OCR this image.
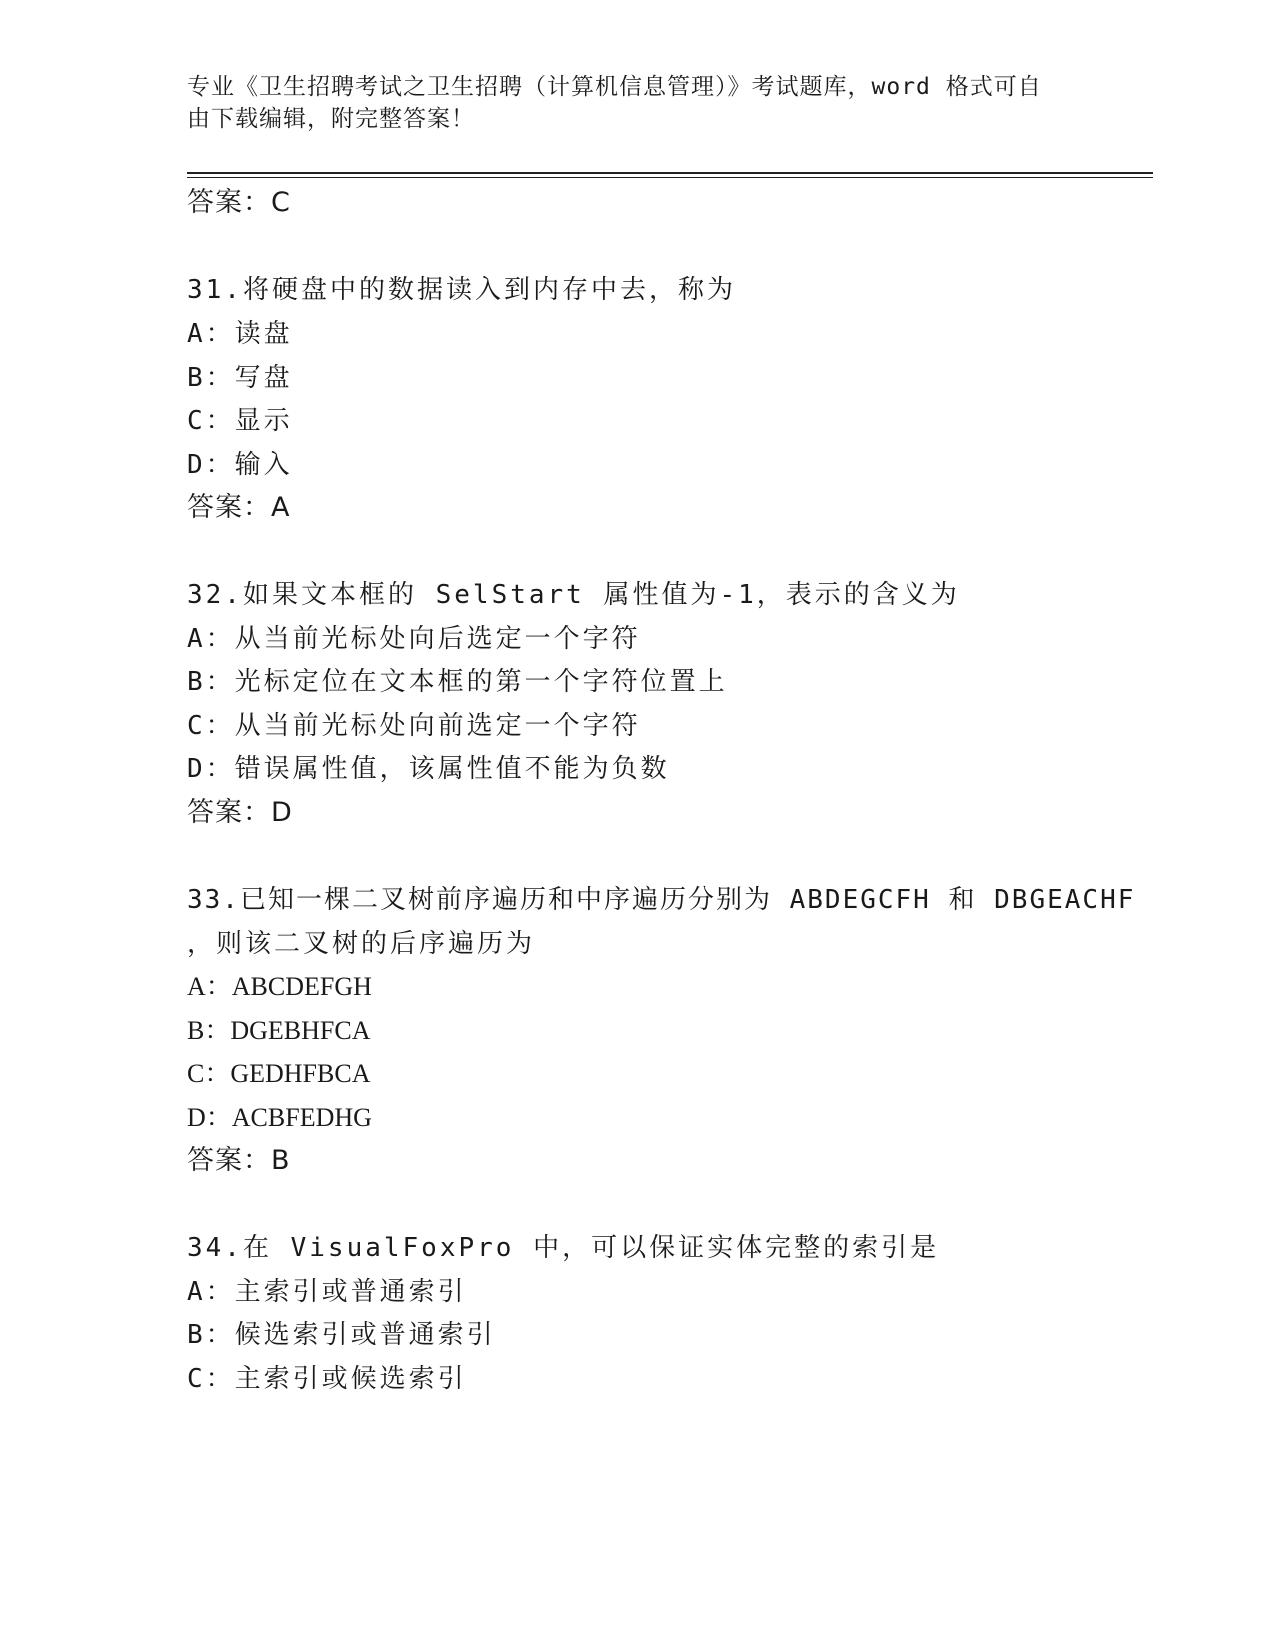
专业《卫生招聘考试之卫生招聘（计算机信息管理）》考试题库，word 格式可自
由下载编辑，附完整答案！
答案：C
31.将硬盘中的数据读入到内存中去，称为
A：读盘
B：写盘
C：显示
D：输入
答案：A
32.如果文本框的 SelStart 属性值为-1，表示的含义为
A：从当前光标处向后选定一个字符
B：光标定位在文本框的第一个字符位置上
C：从当前光标处向前选定一个字符
D：错误属性值，该属性值不能为负数
答案：D
33.已知一棵二叉树前序遍历和中序遍历分别为 ABDEGCFH 和 DBGEACHF
，则该二叉树的后序遍历为
A：ABCDEFGH
B：DGEBHFCA
C：GEDHFBCA
D：ACBFEDHG
答案：B
34.在 VisualFoxPro 中，可以保证实体完整的索引是
A：主索引或普通索引
B：候选索引或普通索引
C：主索引或候选索引
